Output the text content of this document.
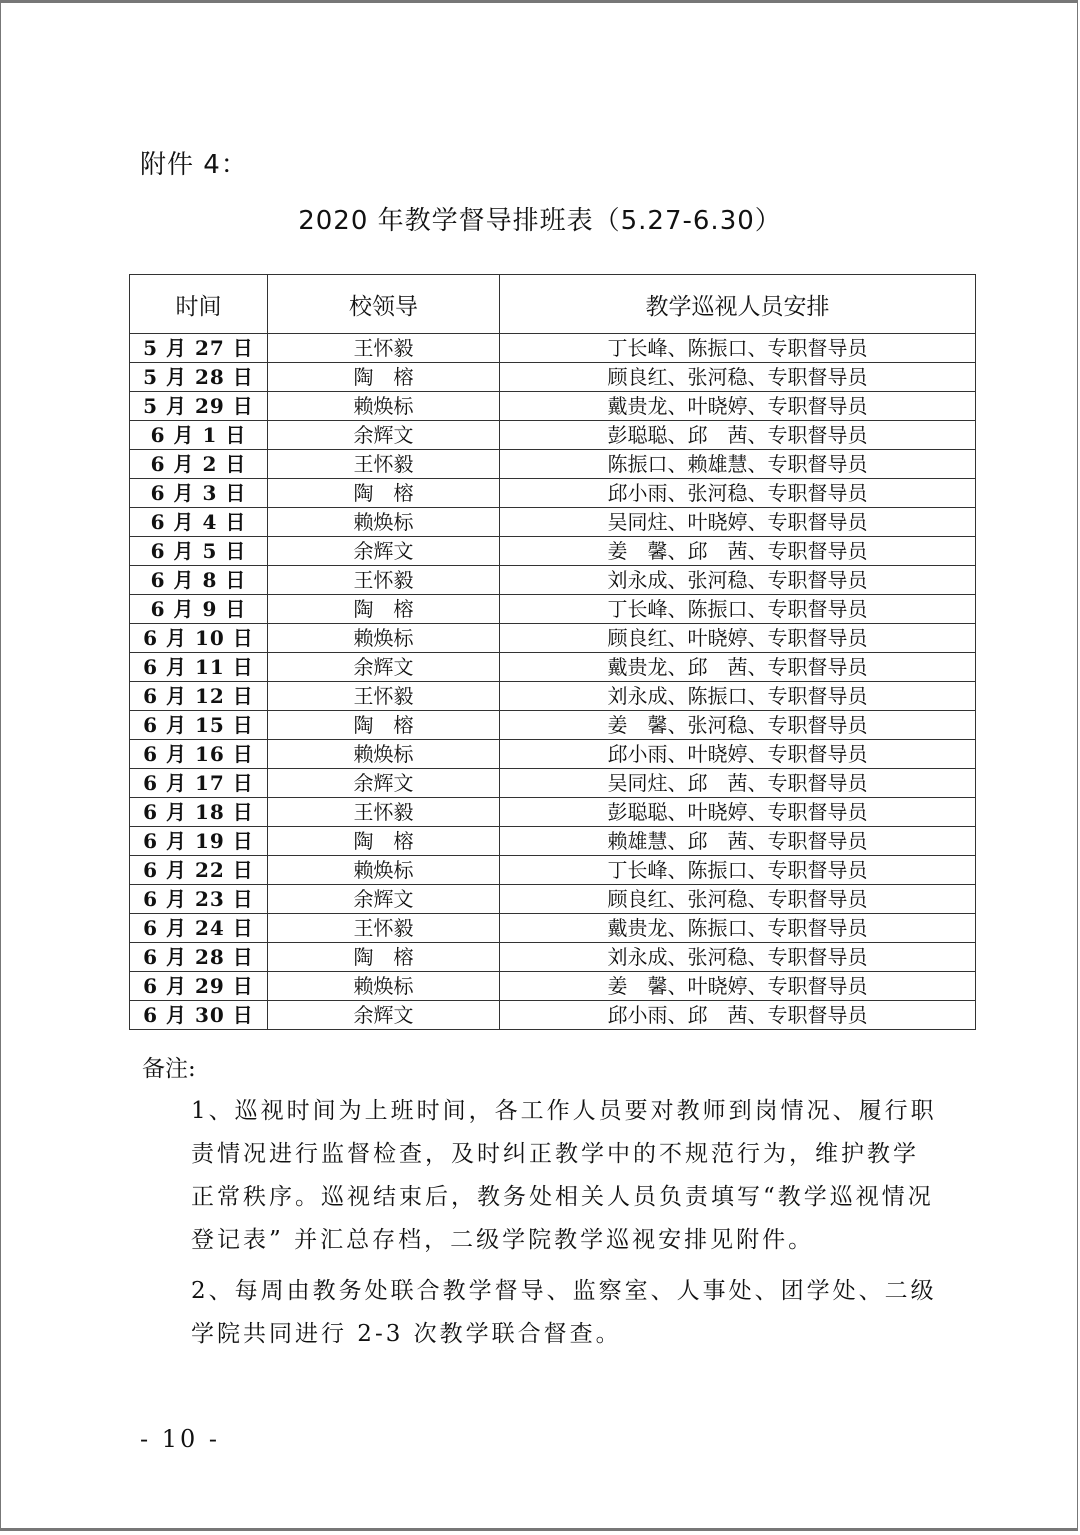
附件 4：
2020 年教学督导排班表（5.27-6.30）
时间	校领导	教学巡视人员安排
5 月 27 日	王怀毅	丁长峰、陈振口、专职督导员
5 月 28 日	陶　榕	顾良红、张河稳、专职督导员
5 月 29 日	赖焕标	戴贵龙、叶晓婷、专职督导员
6 月 1 日	余辉文	彭聪聪、邱　茜、专职督导员
6 月 2 日	王怀毅	陈振口、赖雄慧、专职督导员
6 月 3 日	陶　榕	邱小雨、张河稳、专职督导员
6 月 4 日	赖焕标	吴同炷、叶晓婷、专职督导员
6 月 5 日	余辉文	姜　馨、邱　茜、专职督导员
6 月 8 日	王怀毅	刘永成、张河稳、专职督导员
6 月 9 日	陶　榕	丁长峰、陈振口、专职督导员
6 月 10 日	赖焕标	顾良红、叶晓婷、专职督导员
6 月 11 日	余辉文	戴贵龙、邱　茜、专职督导员
6 月 12 日	王怀毅	刘永成、陈振口、专职督导员
6 月 15 日	陶　榕	姜　馨、张河稳、专职督导员
6 月 16 日	赖焕标	邱小雨、叶晓婷、专职督导员
6 月 17 日	余辉文	吴同炷、邱　茜、专职督导员
6 月 18 日	王怀毅	彭聪聪、叶晓婷、专职督导员
6 月 19 日	陶　榕	赖雄慧、邱　茜、专职督导员
6 月 22 日	赖焕标	丁长峰、陈振口、专职督导员
6 月 23 日	余辉文	顾良红、张河稳、专职督导员
6 月 24 日	王怀毅	戴贵龙、陈振口、专职督导员
6 月 28 日	陶　榕	刘永成、张河稳、专职督导员
6 月 29 日	赖焕标	姜　馨、叶晓婷、专职督导员
6 月 30 日	余辉文	邱小雨、邱　茜、专职督导员
备注:
1、巡视时间为上班时间，各工作人员要对教师到岗情况、履行职责情况进行监督检查，及时纠正教学中的不规范行为，维护教学正常秩序。巡视结束后，教务处相关人员负责填写“教学巡视情况登记表” 并汇总存档，二级学院教学巡视安排见附件。
2、每周由教务处联合教学督导、监察室、人事处、团学处、二级学院共同进行 2-3 次教学联合督查。
- 10 -
